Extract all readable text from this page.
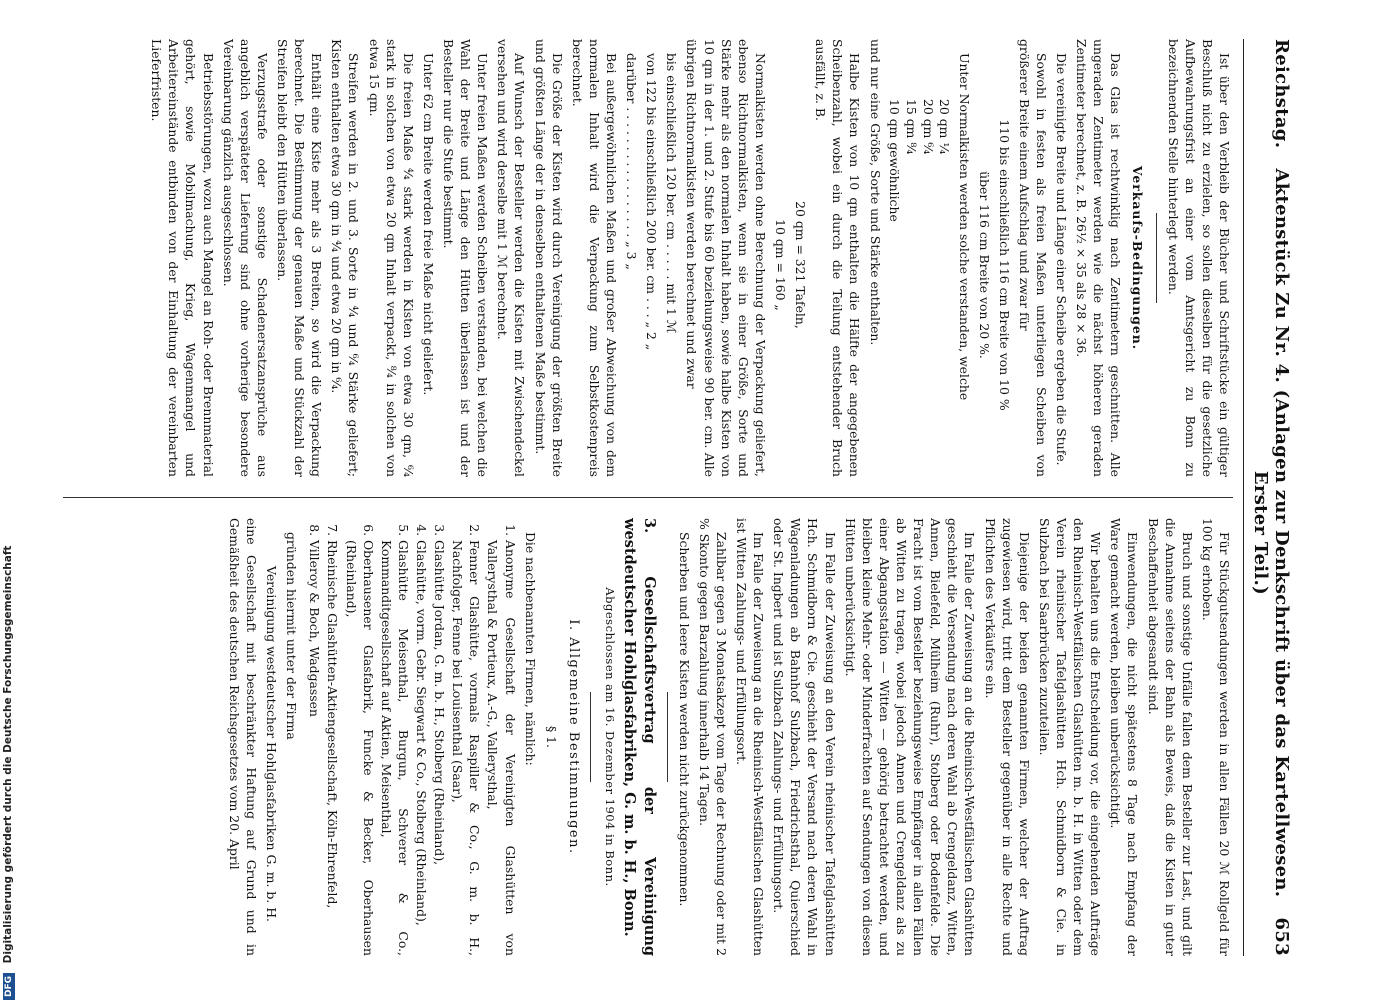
Reichstag.
Aktenstück Zu Nr. 4. (Anlagen zur Denkschrift über das Kartellwesen. Erster Teil.)
653

Ist über den Verbleib der Bücher und Schriftstücke ein gültiger Beschluß nicht zu erzielen, so sollen dieselben für die gesetzliche Aufbewahrungsfrist an einer vom Amtsgericht zu Bonn zu bezeichnenden Stelle hinterlegt werden.

Verkaufs-Bedingungen.

Das Glas ist rechtwinklig nach Zentimetern geschnitten. Alle ungeraden Zentimeter werden wie die nächst höheren geraden Zentimeter berechnet, z. B. 26½ × 35 als 28 × 36.

Die vereinigte Breite und Länge einer Scheibe ergeben die Stufe.

Sowohl in festen als freien Maßen unterliegen Scheiben von größerer Breite einem Aufschlag und zwar für

110 bis einschließlich 116 cm Breite von 10 %

über 116 cm Breite von 20 %.

Unter Normalkisten werden solche verstanden, welche

20 qm ¼
20 qm ⁶⁄₄
15 qm ⁸⁄₄
10 qm gewöhnliche

und nur eine Größe, Sorte und Stärke enthalten.

Halbe Kisten von 10 qm enthalten die Hälfte der angegebenen Scheibenzahl, wobei ein durch die Teilung entstehender Bruch ausfällt, z. B.

20 qm = 321 Tafeln,

10 qm = 160 „

Normalkisten werden ohne Berechnung der Verpackung geliefert, ebenso Richtnormalkisten, wenn sie in einer Größe, Sorte und Stärke mehr als den normalen Inhalt haben, sowie halbe Kisten von 10 qm in der 1. und 2. Stufe bis 60 beziehungsweise 90 ber. cm. Alle übrigen Richtnormalkisten werden berechnet und zwar

bis einschließlich 120 ber. cm . . . . . mit 1 ℳ

von 122 bis einschließlich 200 ber. cm . . . „ 2 „

darüber . . . . . . . . . . . . . . . . . „ 3 „

Bei außergewöhnlichen Maßen und großer Abweichung von dem normalen Inhalt wird die Verpackung zum Selbstkostenpreis berechnet.

Die Größe der Kisten wird durch Vereinigung der größten Breite und größten Länge der in denselben enthaltenen Maße bestimmt.

Auf Wunsch der Besteller werden die Kisten mit Zwischendeckel versehen und wird derselbe mit 1 ℳ berechnet.

Unter freien Maßen werden Scheiben verstanden, bei welchen die Wahl der Breite und Länge den Hütten überlassen ist und der Besteller nur die Stufe bestimmt.

Unter 62 cm Breite werden freie Maße nicht geliefert.

Die freien Maße ⁴⁄₄ stark werden in Kisten von etwa 30 qm, ⁶⁄₄ stark in solchen von etwa 20 qm Inhalt verpackt, ⁸⁄₄ in solchen von etwa 15 qm.

Streifen werden in 2. und 3. Sorte in ⁴⁄₄ und ⁶⁄₄ Stärke geliefert; Kisten enthalten etwa 30 qm in ⁴⁄₄ und etwa 20 qm in ⁶⁄₄.

Enthält eine Kiste mehr als 3 Breiten, so wird die Verpackung berechnet. Die Bestimmung der genauen Maße und Stückzahl der Streifen bleibt den Hütten überlassen.

Verzugsstrafe oder sonstige Schadenersatzansprüche aus angeblich verspäteter Lieferung sind ohne vorherige besondere Vereinbarung gänzlich ausgeschlossen.

Betriebsstörungen, wozu auch Mangel an Roh- oder Brennmaterial gehört, sowie Mobilmachung, Krieg, Wagenmangel und Arbeitereinstände entbinden von der Einhaltung der vereinbarten Lieferfristen.

Für Stückgutsendungen werden in allen Fällen 20 ℳ Rollgeld für 100 kg erhoben.

Bruch und sonstige Unfälle fallen dem Besteller zur Last, und gilt die Annahme seitens der Bahn als Beweis, daß die Kisten in guter Beschaffenheit abgesandt sind.

Einwendungen, die nicht spätestens 8 Tage nach Empfang der Ware gemacht werden, bleiben unberücksichtigt.

Wir behalten uns die Entscheidung vor, die eingehenden Aufträge den Rheinisch-Westfälischen Glashütten m. b. H. in Witten oder dem Verein rheinischer Tafelglashütten Hch. Schmidborn & Cie. in Sulzbach bei Saarbrücken zuzuteilen.

Diejenige der beiden genannten Firmen, welcher der Auftrag zugewiesen wird, tritt dem Besteller gegenüber in alle Rechte und Pflichten des Verkäufers ein.

Im Falle der Zuweisung an die Rheinisch-Westfälischen Glashütten geschieht die Versendung nach deren Wahl ab Crengeldanz, Witten, Annen, Bielefeld, Mülheim (Ruhr), Stolberg oder Bodenfelde. Die Fracht ist vom Besteller beziehungsweise Empfänger in allen Fällen ab Witten zu tragen, wobei jedoch Annen und Crengeldanz als zu einer Abgangsstation — Witten — gehörig betrachtet werden, und bleiben kleine Mehr- oder Minderfrachten auf Sendungen von diesen Hütten unberücksichtigt.

Im Falle der Zuweisung an den Verein rheinischer Tafelglashütten Hch. Schmidborn & Cie. geschieht der Versand nach deren Wahl in Wagenladungen ab Bahnhof Sulzbach, Friedrichsthal, Quierschied oder St. Ingbert und ist Sulzbach Zahlungs- und Erfüllungsort.

Im Falle der Zuweisung an die Rheinisch-Westfälischen Glashütten ist Witten Zahlungs- und Erfüllungsort.

Zahlbar gegen 3 Monatsakzept vom Tage der Rechnung oder mit 2 % Skonto gegen Barzahlung innerhalb 14 Tagen.

Scherben und leere Kisten werden nicht zurückgenommen.

3. Gesellschaftsvertrag der Vereinigung westdeutscher Hohlglasfabriken, G. m. b. H., Bonn.
Abgeschlossen am 16. Dezember 1904 in Bonn.
I. Allgemeine Bestimmungen.
§ 1.

Die nachbenannten Firmen, nämlich:

1. Anonyme Gesellschaft der Vereinigten Glashütten von Vallerysthal & Portieux, A.-G., Vallerysthal,
2. Fenner Glashütte, vormals Raspiller & Co., G. m. b. H., Nachfolger, Fenne bei Louisenthal (Saar),
3. Glashütte Jordan, G. m. b. H., Stolberg (Rheinland),
4. Glashütte, vorm. Gebr. Siegwart & Co., Stolberg (Rheinland),
5. Glashütte Meisenthal, Burgun, Schverer & Co., Kommanditgesellschaft auf Aktien, Meisenthal,
6. Oberhausener Glasfabrik, Funcke & Becker, Oberhausen (Rheinland),
7. Rheinische Glashütten-Aktiengesellschaft, Köln-Ehrenfeld,
8. Villeroy & Boch, Wadgassen

gründen hiermit unter der Firma

Vereinigung westdeutscher Hohlglasfabriken G. m. b. H.

eine Gesellschaft mit beschränkter Haftung auf Grund und in Gemäßheit des deutschen Reichsgesetzes vom 20. April

DFG Digitalisierung gefördert durch die Deutsche Forschungsgemeinschaft
